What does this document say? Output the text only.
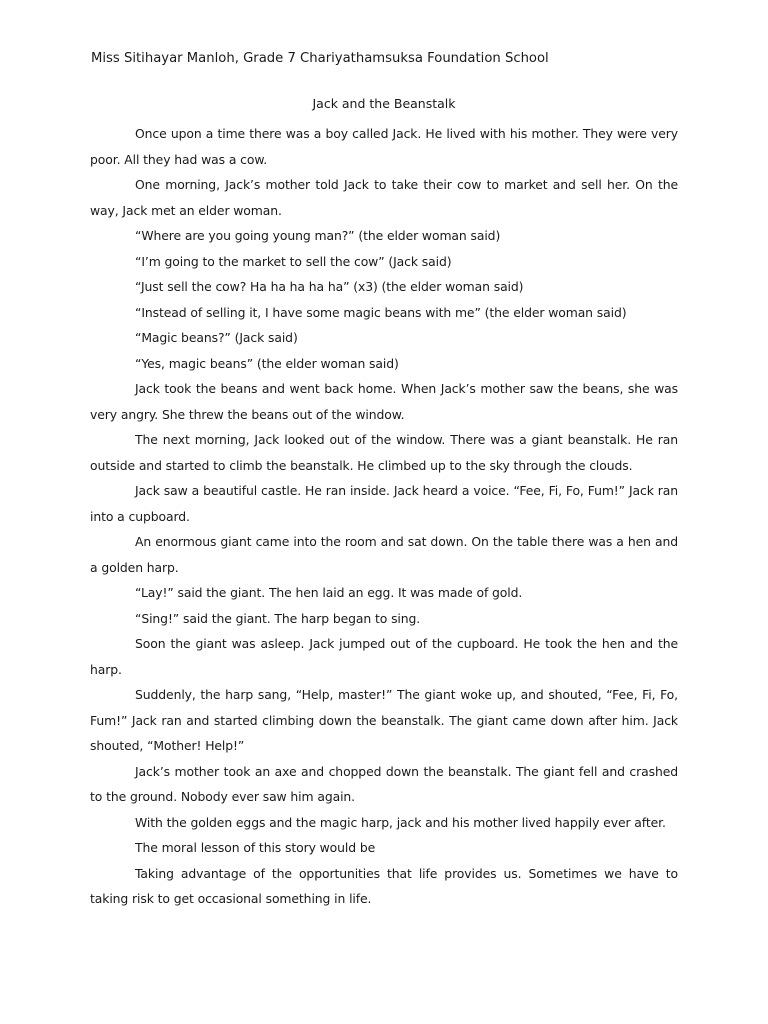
Miss Sitihayar Manloh, Grade 7 Chariyathamsuksa Foundation School
Jack and the Beanstalk

Once upon a time there was a boy called Jack. He lived with his mother. They were very poor. All they had was a cow.

One morning, Jack’s mother told Jack to take their cow to market and sell her. On the way, Jack met an elder woman.

“Where are you going young man?” (the elder woman said)

“I’m going to the market to sell the cow” (Jack said)

“Just sell the cow? Ha ha ha ha ha” (x3) (the elder woman said)

“Instead of selling it, I have some magic beans with me” (the elder woman said)

“Magic beans?” (Jack said)

“Yes, magic beans” (the elder woman said)

Jack took the beans and went back home. When Jack’s mother saw the beans, she was very angry. She threw the beans out of the window.

The next morning, Jack looked out of the window. There was a giant beanstalk. He ran outside and started to climb the beanstalk. He climbed up to the sky through the clouds.

Jack saw a beautiful castle. He ran inside. Jack heard a voice. “Fee, Fi, Fo, Fum!” Jack ran into a cupboard.

An enormous giant came into the room and sat down. On the table there was a hen and a golden harp.

“Lay!” said the giant. The hen laid an egg. It was made of gold.

“Sing!” said the giant. The harp began to sing.

Soon the giant was asleep. Jack jumped out of the cupboard. He took the hen and the harp.

Suddenly, the harp sang, “Help, master!” The giant woke up, and shouted, “Fee, Fi, Fo, Fum!” Jack ran and started climbing down the beanstalk. The giant came down after him. Jack shouted, “Mother! Help!”

Jack’s mother took an axe and chopped down the beanstalk. The giant fell and crashed to the ground. Nobody ever saw him again.

With the golden eggs and the magic harp, jack and his mother lived happily ever after.

The moral lesson of this story would be

Taking advantage of the opportunities that life provides us. Sometimes we have to taking risk to get occasional something in life.
